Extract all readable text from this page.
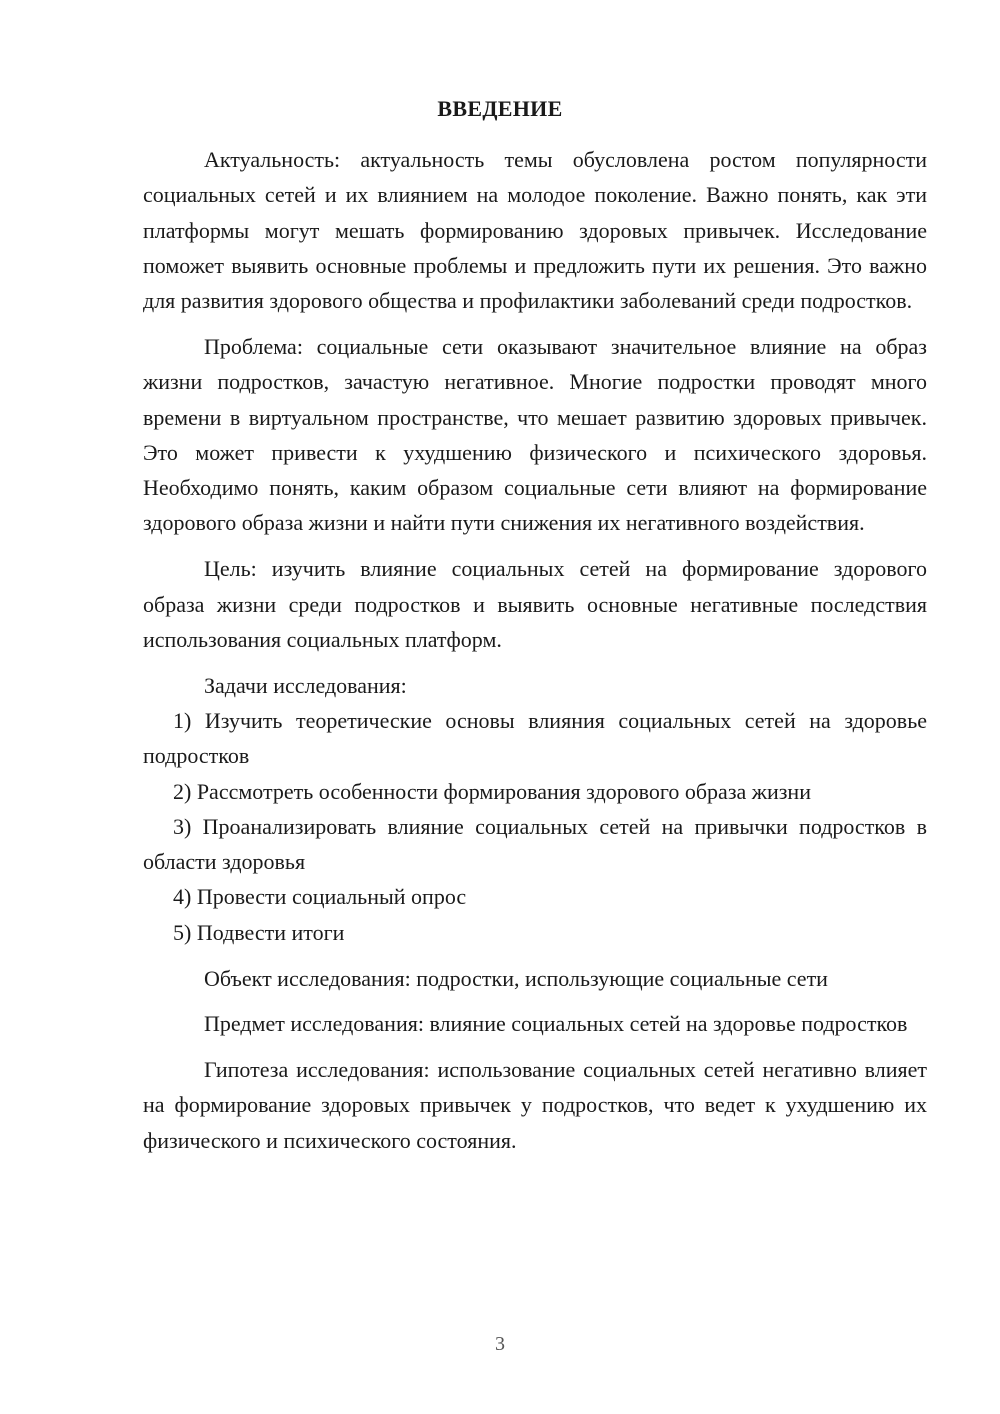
ВВЕДЕНИЕ

Актуальность: актуальность темы обусловлена ростом популярности социальных сетей и их влиянием на молодое поколение. Важно понять, как эти платформы могут мешать формированию здоровых привычек. Исследование поможет выявить основные проблемы и предложить пути их решения. Это важно для развития здорового общества и профилактики заболеваний среди подростков.

Проблема: социальные сети оказывают значительное влияние на образ жизни подростков, зачастую негативное. Многие подростки проводят много времени в виртуальном пространстве, что мешает развитию здоровых привычек. Это может привести к ухудшению физического и психического здоровья. Необходимо понять, каким образом социальные сети влияют на формирование здорового образа жизни и найти пути снижения их негативного воздействия.

Цель: изучить влияние социальных сетей на формирование здорового образа жизни среди подростков и выявить основные негативные последствия использования социальных платформ.

Задачи исследования:

1) Изучить теоретические основы влияния социальных сетей на здоровье подростков

2) Рассмотреть особенности формирования здорового образа жизни

3) Проанализировать влияние социальных сетей на привычки подростков в области здоровья

4) Провести социальный опрос

5) Подвести итоги

Объект исследования: подростки, использующие социальные сети

Предмет исследования: влияние социальных сетей на здоровье подростков

Гипотеза исследования: использование социальных сетей негативно влияет на формирование здоровых привычек у подростков, что ведет к ухудшению их физического и психического состояния.

3
